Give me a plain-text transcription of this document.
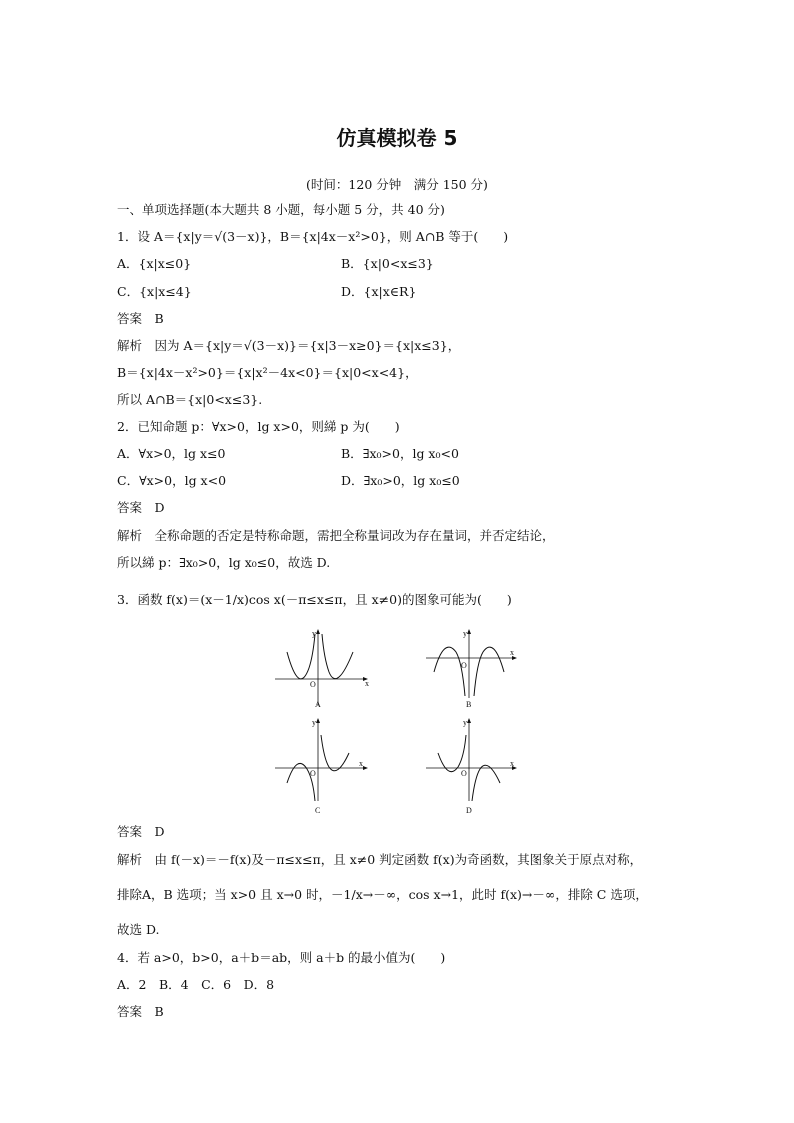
仿真模拟卷 5
(时间：120 分钟　满分 150 分)
一、单项选择题(本大题共 8 小题，每小题 5 分，共 40 分)
1．设 A＝{x|y＝√(3－x)}，B＝{x|4x－x²>0}，则 A∩B 等于(　　)
A．{x|x≤0}	B．{x|0<x≤3}
C．{x|x≤4}	D．{x|x∈R}
答案　B
解析　因为 A＝{x|y＝√(3－x)}＝{x|3－x≥0}＝{x|x≤3}，
B＝{x|4x－x²>0}＝{x|x²－4x<0}＝{x|0<x<4}，
所以 A∩B＝{x|0<x≤3}.
2．已知命题 p：∀x>0，lg x>0，则綈 p 为(　　)
A．∀x>0，lg x≤0	B．∃x₀>0，lg x₀<0
C．∀x>0，lg x<0	D．∃x₀>0，lg x₀≤0
答案　D
解析　全称命题的否定是特称命题，需把全称量词改为存在量词，并否定结论，
所以綈 p：∃x₀>0，lg x₀≤0，故选 D.
3．函数 f(x)＝(x－1/x)cos x(－π≤x≤π，且 x≠0)的图象可能为(　　)
O	x
y
A
O
x
y
B
O
x
y
C
O
x
y
D
答案　D
解析　由 f(－x)＝－f(x)及－π≤x≤π，且 x≠0 判定函数 f(x)为奇函数，其图象关于原点对称，
排除A，B 选项；当 x>0 且 x→0 时，－1/x→－∞，cos x→1，此时 f(x)→－∞，排除 C 选项，
故选 D.
4．若 a>0，b>0，a＋b＝ab，则 a＋b 的最小值为(　　)
A．2　B．4　C．6　D．8
答案　B
